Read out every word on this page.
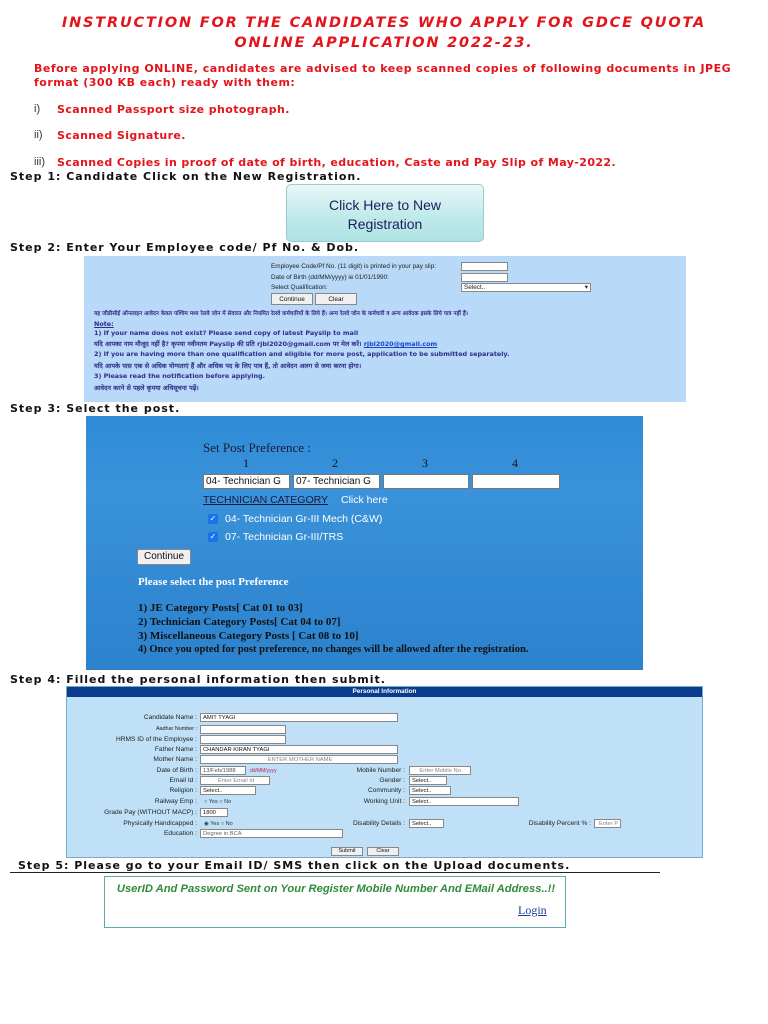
INSTRUCTION FOR THE CANDIDATES WHO APPLY FOR GDCE QUOTA
ONLINE APPLICATION 2022-23.
Before applying ONLINE, candidates are advised to keep scanned copies of following documents in JPEG format (300 KB each) ready with them:
i) Scanned Passport size photograph.
ii) Scanned Signature.
iii) Scanned Copies in proof of date of birth, education, Caste and Pay Slip of May-2022.
Step 1: Candidate Click on the New Registration.
Click Here to New
Registration
Step 2: Enter Your Employee code/ Pf No. & Dob.
Employee Code/Pf No. (11 digit) is printed in your pay slip:
Date of Birth (dd/MM/yyyy) ie 01/01/1990:
Select Qualification:	Select..	▾
Continue	Clear
यह जीडीसीई ऑनलाइन आवेदन केवल पश्चिम मध्य रेलवे जोन में सेवारत और नियमित रेलवे कर्मचारियों के लिये हैं। अन्य रेलवे जोन के कर्मचारी व अन्य आवेदक इसके लिये पात्र नहीं हैं।
Note:
1) If your name does not exist? Please send copy of latest Payslip to mail
यदि आपका नाम मौजूद नहीं है? कृपया नवीनतम Payslip की प्रति rjbl2020@gmail.com पर मेल करें। rjbl2020@gmail.com
2) If you are having more than one qualification and eligible for more post, application to be submitted separately.
यदि आपके पास एक से अधिक योग्यताएं हैं और अधिक पद के लिए पात्र हैं, तो आवेदन अलग से जमा करना होगा।
3) Please read the notification before applying.
आवेदन करने से पहले कृपया अधिसूचना पढ़ें।
Step 3: Select the post.
Set Post Preference :
1	2	3	4
04- Technician G	07- Technician G
TECHNICIAN CATEGORY Click here
✓ 04- Technician Gr-III Mech (C&W)
✓ 07- Technician Gr-III/TRS
Continue
Please select the post Preference
1) JE Category Posts[ Cat 01 to 03]
2) Technician Category Posts[ Cat 04 to 07]
3) Miscellaneous Category Posts [ Cat 08 to 10]
4) Once you opted for post preference, no changes will be allowed after the registration.
Step 4: Filled the personal information then submit.
Personal Information
Candidate Name :	AMIT TYAGI
Aadhar Number :
HRMS ID of the Employee :
Father Name :	CHANDAR KIRAN TYAGI
Mother Name :	ENTER MOTHER NAME
Date of Birth :	13/Feb/1988	dd/MM/yyyy	Mobile Number :	Enter Mobile No.
Email Id :	Enter Email Id	Gender :	Select..
Religion :	Select..	Community :	Select..
Railway Emp : ○ Yes ○ No	Working Unit :	Select..
Grade Pay (WITHOUT MACP) :	1800
Physically Handicapped : ◉ Yes ○ No	Disability Details :	Select..	Disability Percent % :	Enter P
Education :	Degree in BCA
Submit	Clear
Step 5: Please go to your Email ID/ SMS then click on the Upload documents.
UserID And Password Sent on Your Register Mobile Number And EMail Address..!!
Login
